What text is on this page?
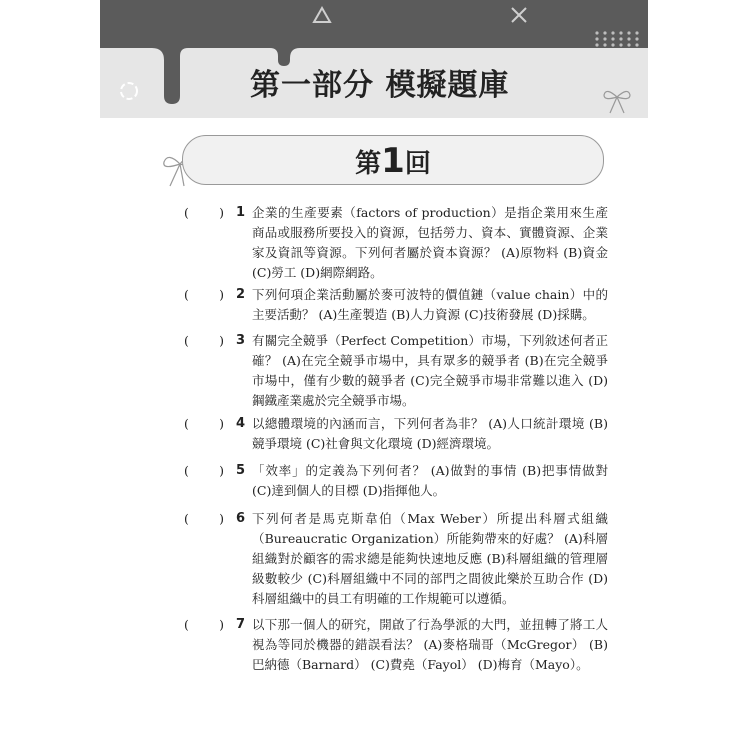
第一部分 模擬題庫
第1回
( ) 1 企業的生產要素（factors of production）是指企業用來生產商品或服務所要投入的資源，包括勞力、資本、實體資源、企業家及資訊等資源。下列何者屬於資本資源？ (A)原物料 (B)資金 (C)勞工 (D)網際網路。
( ) 2 下列何項企業活動屬於麥可波特的價值鏈（value chain）中的主要活動？ (A)生產製造 (B)人力資源 (C)技術發展 (D)採購。
( ) 3 有關完全競爭（Perfect Competition）市場，下列敘述何者正確？ (A)在完全競爭市場中，具有眾多的競爭者 (B)在完全競爭市場中，僅有少數的競爭者 (C)完全競爭市場非常難以進入 (D)鋼鐵產業處於完全競爭市場。
( ) 4 以總體環境的內涵而言，下列何者為非？ (A)人口統計環境 (B)競爭環境 (C)社會與文化環境 (D)經濟環境。
( ) 5 「效率」的定義為下列何者？ (A)做對的事情 (B)把事情做對 (C)達到個人的目標 (D)指揮他人。
( ) 6 下列何者是馬克斯韋伯（Max Weber）所提出科層式組織（Bureaucratic Organization）所能夠帶來的好處？ (A)科層組織對於顧客的需求總是能夠快速地反應 (B)科層組織的管理層級數較少 (C)科層組織中不同的部門之間彼此樂於互助合作 (D)科層組織中的員工有明確的工作規範可以遵循。
( ) 7 以下那一個人的研究，開啟了行為學派的大門，並扭轉了將工人視為等同於機器的錯誤看法？ (A)麥格瑞哥（McGregor） (B)巴納德（Barnard） (C)費堯（Fayol） (D)梅育（Mayo）。
